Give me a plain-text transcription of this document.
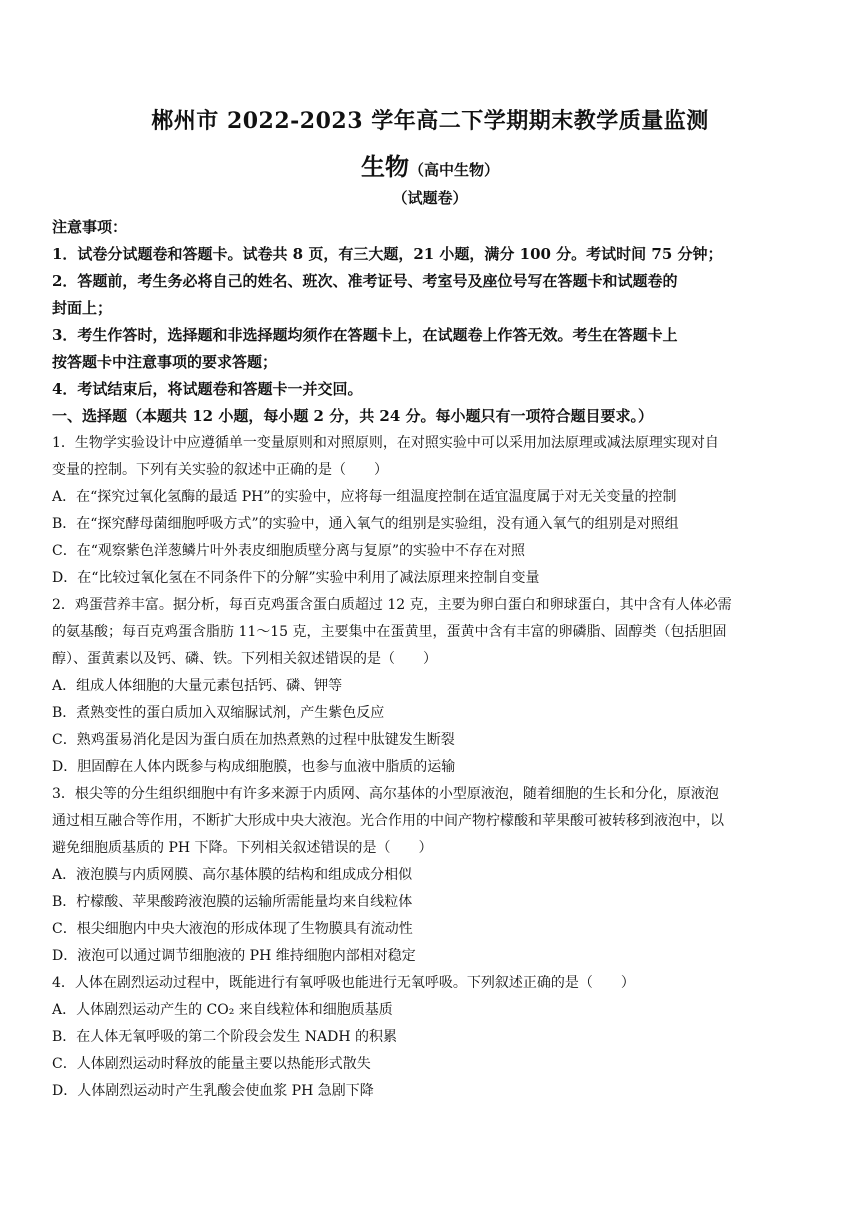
郴州市 2022-2023 学年高二下学期期末教学质量监测
生物（高中生物）
（试题卷）
注意事项：
1．试卷分试题卷和答题卡。试卷共 8 页，有三大题，21 小题，满分 100 分。考试时间 75 分钟；
2．答题前，考生务必将自己的姓名、班次、准考证号、考室号及座位号写在答题卡和试题卷的
封面上；
3．考生作答时，选择题和非选择题均须作在答题卡上，在试题卷上作答无效。考生在答题卡上
按答题卡中注意事项的要求答题；
4．考试结束后，将试题卷和答题卡一并交回。
一、选择题（本题共 12 小题，每小题 2 分，共 24 分。每小题只有一项符合题目要求。）
1．生物学实验设计中应遵循单一变量原则和对照原则，在对照实验中可以采用加法原理或减法原理实现对自
变量的控制。下列有关实验的叙述中正确的是（　　）
A．在“探究过氧化氢酶的最适 PH”的实验中，应将每一组温度控制在适宜温度属于对无关变量的控制
B．在“探究酵母菌细胞呼吸方式”的实验中，通入氧气的组别是实验组，没有通入氧气的组别是对照组
C．在“观察紫色洋葱鳞片叶外表皮细胞质壁分离与复原”的实验中不存在对照
D．在“比较过氧化氢在不同条件下的分解”实验中利用了减法原理来控制自变量
2．鸡蛋营养丰富。据分析，每百克鸡蛋含蛋白质超过 12 克，主要为卵白蛋白和卵球蛋白，其中含有人体必需
的氨基酸；每百克鸡蛋含脂肪 11～15 克，主要集中在蛋黄里，蛋黄中含有丰富的卵磷脂、固醇类（包括胆固
醇）、蛋黄素以及钙、磷、铁。下列相关叙述错误的是（　　）
A．组成人体细胞的大量元素包括钙、磷、钾等
B．煮熟变性的蛋白质加入双缩脲试剂，产生紫色反应
C．熟鸡蛋易消化是因为蛋白质在加热煮熟的过程中肽键发生断裂
D．胆固醇在人体内既参与构成细胞膜，也参与血液中脂质的运输
3．根尖等的分生组织细胞中有许多来源于内质网、高尔基体的小型原液泡，随着细胞的生长和分化，原液泡
通过相互融合等作用，不断扩大形成中央大液泡。光合作用的中间产物柠檬酸和苹果酸可被转移到液泡中，以
避免细胞质基质的 PH 下降。下列相关叙述错误的是（　　）
A．液泡膜与内质网膜、高尔基体膜的结构和组成成分相似
B．柠檬酸、苹果酸跨液泡膜的运输所需能量均来自线粒体
C．根尖细胞内中央大液泡的形成体现了生物膜具有流动性
D．液泡可以通过调节细胞液的 PH 维持细胞内部相对稳定
4．人体在剧烈运动过程中，既能进行有氧呼吸也能进行无氧呼吸。下列叙述正确的是（　　）
A．人体剧烈运动产生的 CO₂ 来自线粒体和细胞质基质
B．在人体无氧呼吸的第二个阶段会发生 NADH 的积累
C．人体剧烈运动时释放的能量主要以热能形式散失
D．人体剧烈运动时产生乳酸会使血浆 PH 急剧下降
